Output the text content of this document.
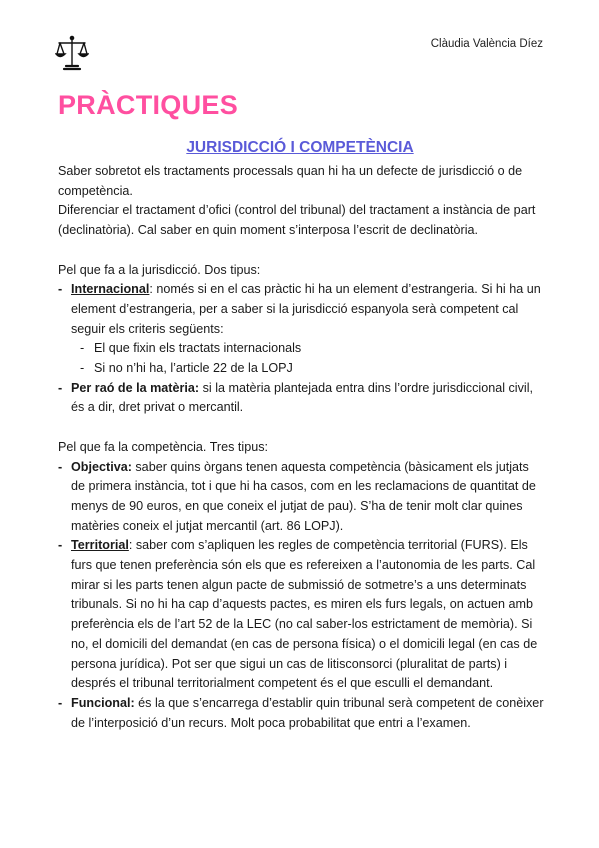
Clàudia València Díez
PRÀCTIQUES
JURISDICCIÓ I COMPETÈNCIA

Saber sobretot els tractaments processals quan hi ha un defecte de jurisdicció o de competència.

Diferenciar el tractament d’ofici (control del tribunal) del tractament a instància de part (declinatòria). Cal saber en quin moment s’interposa l’escrit de declinatòria.

Pel que fa a la jurisdicció. Dos tipus:

- Internacional: només si en el cas pràctic hi ha un element d’estrangeria. Si hi ha un element d’estrangeria, per a saber si la jurisdicció espanyola serà competent cal seguir els criteris següents:
- El que fixin els tractats internacionals
- Si no n’hi ha, l’article 22 de la LOPJ
- Per raó de la matèria: si la matèria plantejada entra dins l’ordre jurisdiccional civil, és a dir, dret privat o mercantil.

Pel que fa la competència. Tres tipus:

- Objectiva: saber quins òrgans tenen aquesta competència (bàsicament els jutjats de primera instància, tot i que hi ha casos, com en les reclamacions de quantitat de menys de 90 euros, en que coneix el jutjat de pau). S’ha de tenir molt clar quines matèries coneix el jutjat mercantil (art. 86 LOPJ).
- Territorial: saber com s’apliquen les regles de competència territorial (FURS). Els furs que tenen preferència són els que es refereixen a l’autonomia de les parts. Cal mirar si les parts tenen algun pacte de submissió de sotmetre’s a uns determinats tribunals. Si no hi ha cap d’aquests pactes, es miren els furs legals, on actuen amb preferència els de l’art 52 de la LEC (no cal saber-los estrictament de memòria). Si no, el domicili del demandat (en cas de persona física) o el domicili legal (en cas de persona jurídica). Pot ser que sigui un cas de litisconsorci (pluralitat de parts) i després el tribunal territorialment competent és el que esculli el demandant.
- Funcional: és la que s’encarrega d’establir quin tribunal serà competent de conèixer de l’interposició d’un recurs. Molt poca probabilitat que entri a l’examen.
